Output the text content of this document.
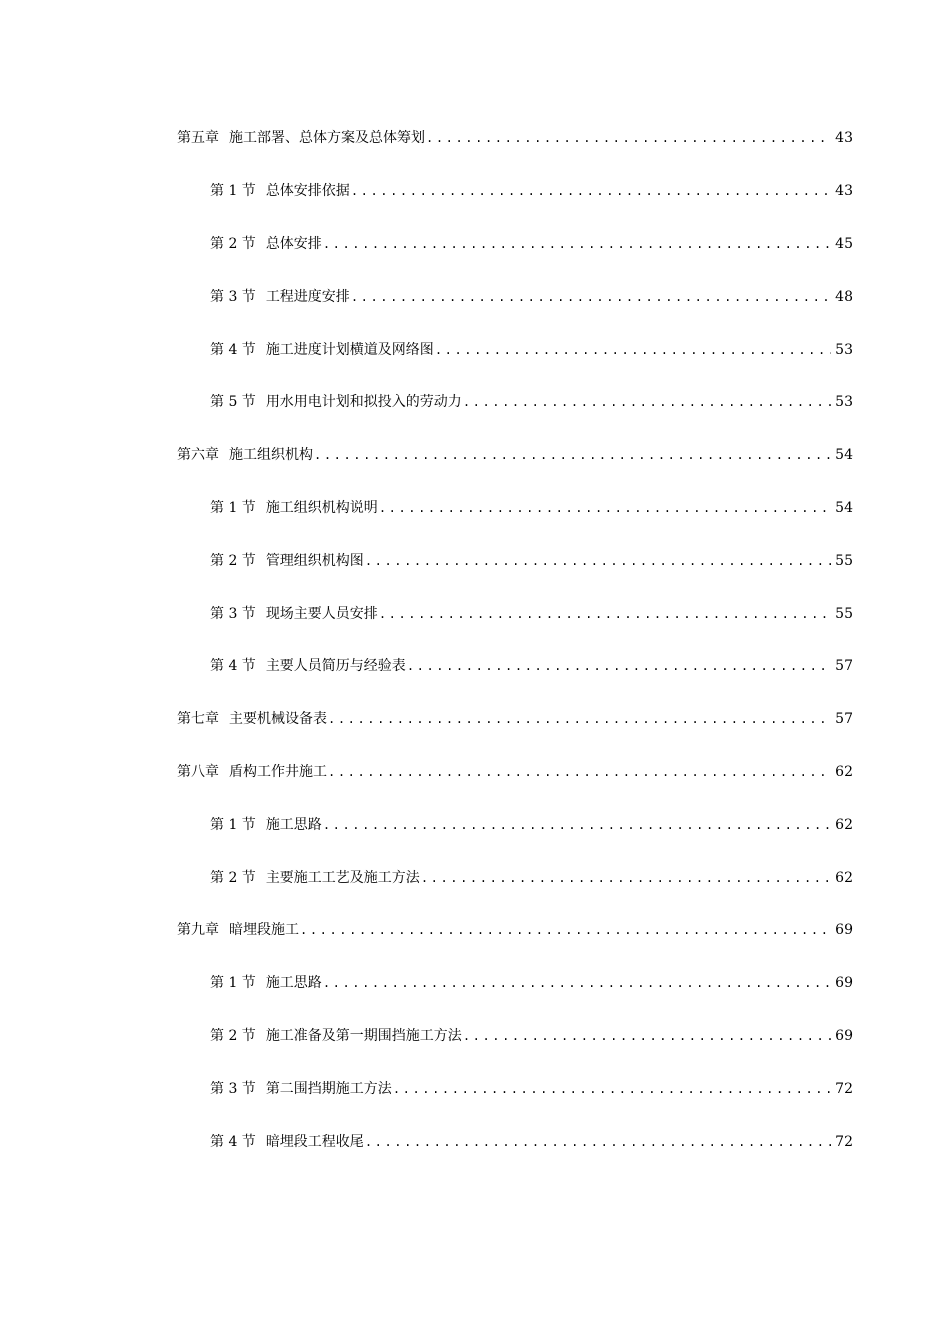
第五章 施工部署、总体方案及总体筹划 .....	43
第 1 节 总体安排依据 .....	43
第 2 节 总体安排 .....	45
第 3 节 工程进度安排 .....	48
第 4 节 施工进度计划横道及网络图 .....	53
第 5 节 用水用电计划和拟投入的劳动力 .....	53
第六章 施工组织机构 .....	54
第 1 节 施工组织机构说明 .....	54
第 2 节 管理组织机构图 .....	55
第 3 节 现场主要人员安排 .....	55
第 4 节 主要人员简历与经验表 .....	57
第七章 主要机械设备表 .....	57
第八章 盾构工作井施工 .....	62
第 1 节 施工思路 .....	62
第 2 节 主要施工工艺及施工方法 .....	62
第九章 暗埋段施工 .....	69
第 1 节 施工思路 .....	69
第 2 节 施工准备及第一期围挡施工方法 .....	69
第 3 节 第二围挡期施工方法 .....	72
第 4 节 暗埋段工程收尾 .....	72
